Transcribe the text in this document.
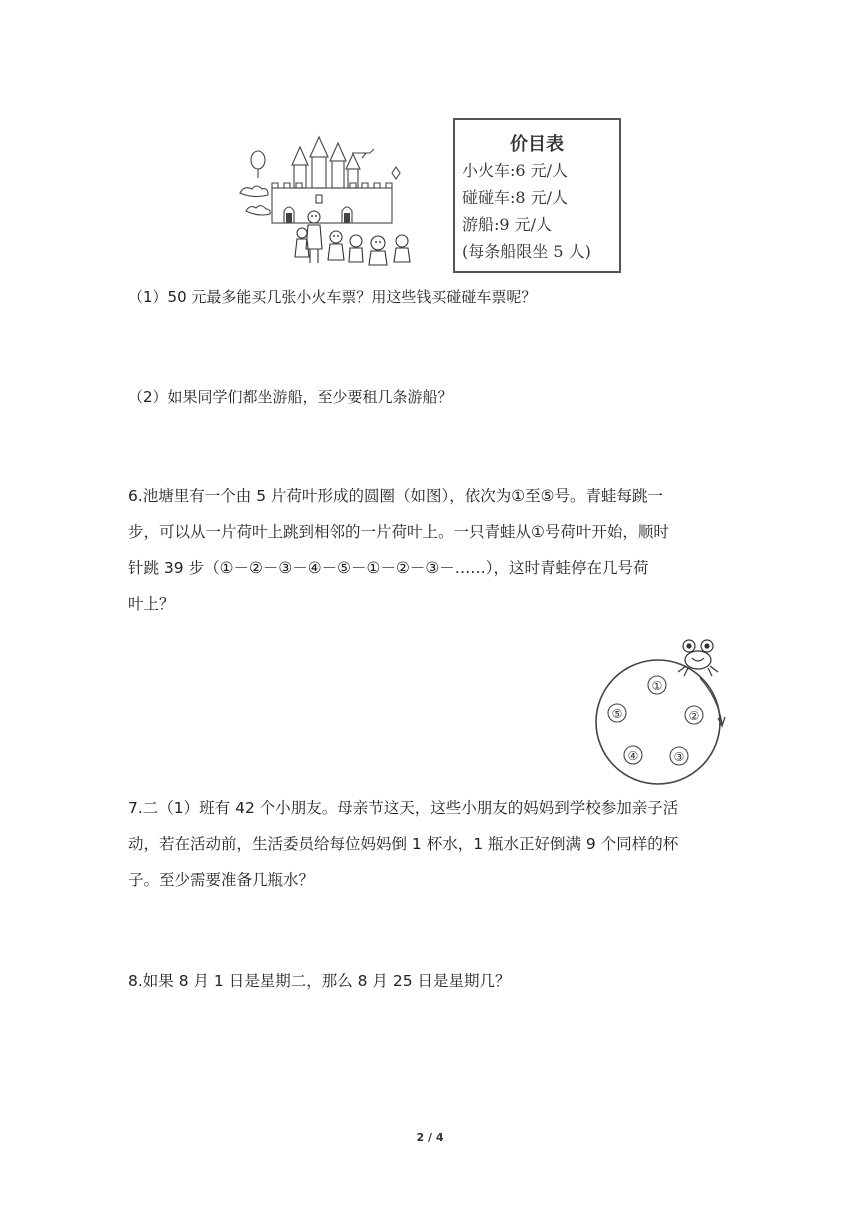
价目表
小火车:6 元/人
碰碰车:8 元/人
游船:9 元/人
(每条船限坐 5 人)
（1）50 元最多能买几张小火车票？用这些钱买碰碰车票呢？
（2）如果同学们都坐游船，至少要租几条游船？
6.池塘里有一个由 5 片荷叶形成的圆圈（如图），依次为①至⑤号。青蛙每跳一
步，可以从一片荷叶上跳到相邻的一片荷叶上。一只青蛙从①号荷叶开始，顺时
针跳 39 步（①－②－③－④－⑤－①－②－③－……），这时青蛙停在几号荷
叶上？
①
②
③
④
⑤
7.二（1）班有 42 个小朋友。母亲节这天，这些小朋友的妈妈到学校参加亲子活
动，若在活动前，生活委员给每位妈妈倒 1 杯水，1 瓶水正好倒满 9 个同样的杯
子。至少需要准备几瓶水？
8.如果 8 月 1 日是星期二，那么 8 月 25 日是星期几？
2 / 4
